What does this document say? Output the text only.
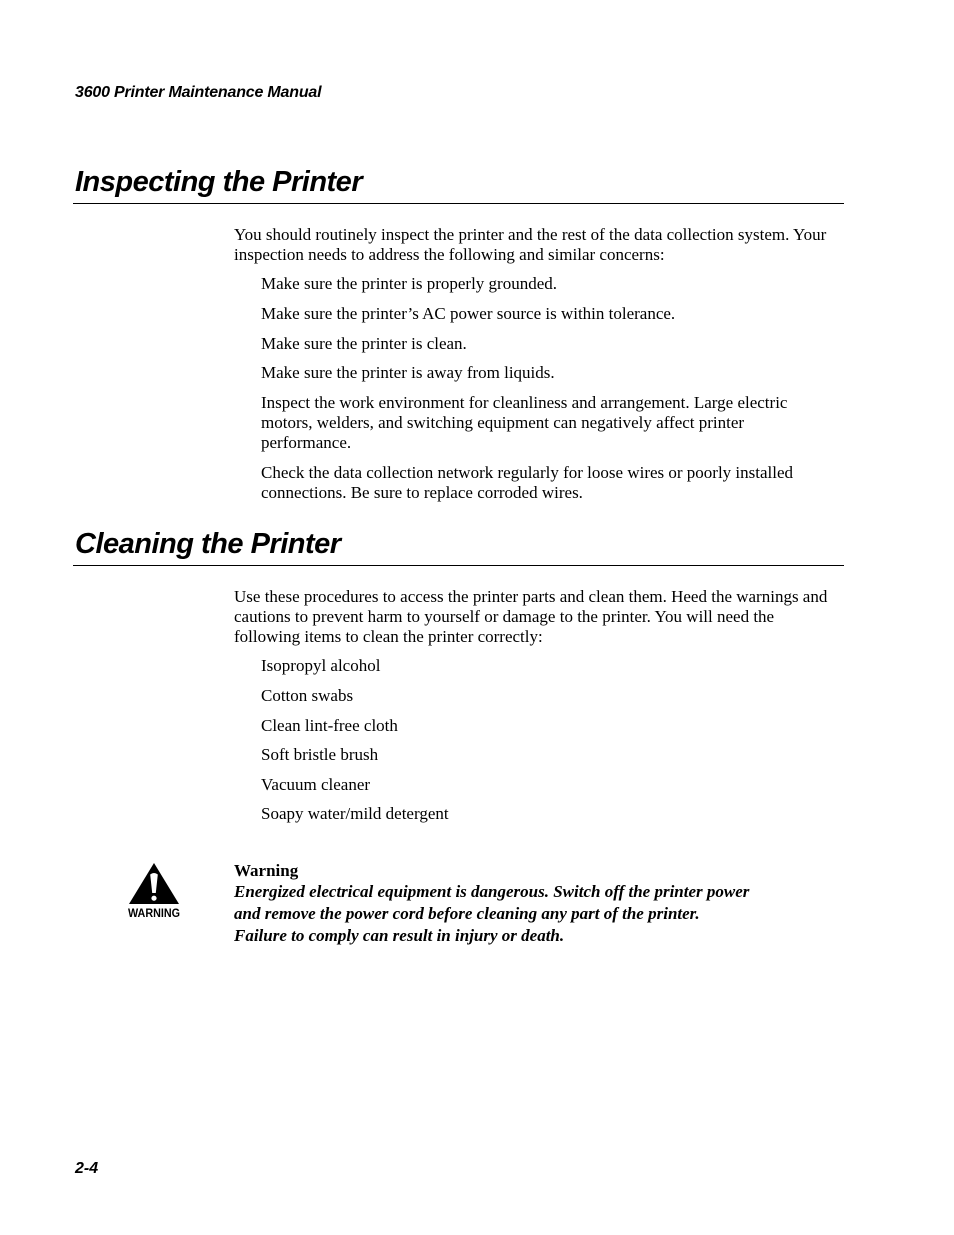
3600 Printer Maintenance Manual
Inspecting the Printer

You should routinely inspect the printer and the rest of the data collection system. Your inspection needs to address the following and similar concerns:

Make sure the printer is properly grounded.

Make sure the printer’s AC power source is within tolerance.

Make sure the printer is clean.

Make sure the printer is away from liquids.

Inspect the work environment for cleanliness and arrangement. Large electric motors, welders, and switching equipment can negatively affect printer performance.

Check the data collection network regularly for loose wires or poorly installed connections. Be sure to replace corroded wires.

Cleaning the Printer

Use these procedures to access the printer parts and clean them. Heed the warnings and cautions to prevent harm to yourself or damage to the printer. You will need the following items to clean the printer correctly:

Isopropyl alcohol

Cotton swabs

Clean lint-free cloth

Soft bristle brush

Vacuum cleaner

Soapy water/mild detergent

WARNING
Warning

Energized electrical equipment is dangerous. Switch off the printer power and remove the power cord before cleaning any part of the printer. Failure to comply can result in injury or death.

2-4
